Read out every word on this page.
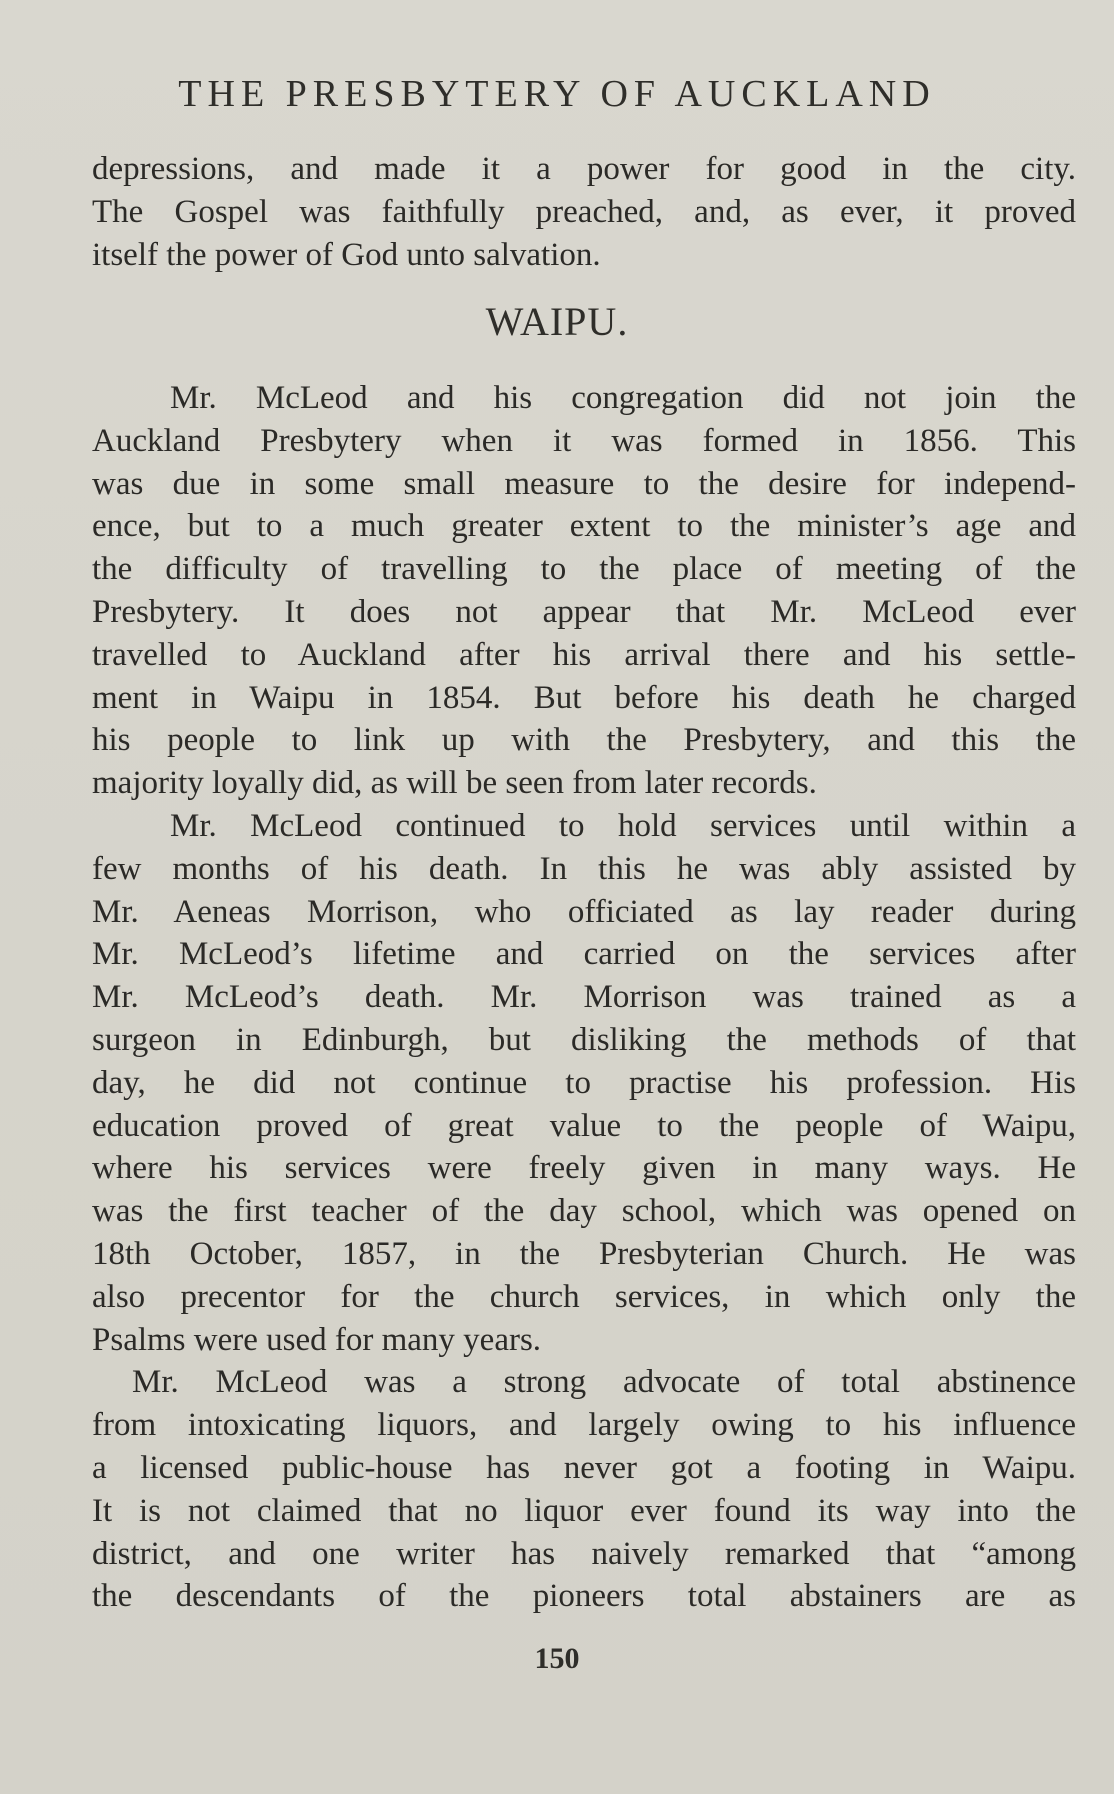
THE PRESBYTERY OF AUCKLAND
depressions, and made it a power for good in the city.
The Gospel was faithfully preached, and, as ever, it proved
itself the power of God unto salvation.
WAIPU.
Mr. McLeod and his congregation did not join the
Auckland Presbytery when it was formed in 1856. This
was due in some small measure to the desire for independ-
ence, but to a much greater extent to the minister’s age and
the difficulty of travelling to the place of meeting of the
Presbytery. It does not appear that Mr. McLeod ever
travelled to Auckland after his arrival there and his settle-
ment in Waipu in 1854. But before his death he charged
his people to link up with the Presbytery, and this the
majority loyally did, as will be seen from later records.
Mr. McLeod continued to hold services until within a
few months of his death. In this he was ably assisted by
Mr. Aeneas Morrison, who officiated as lay reader during
Mr. McLeod’s lifetime and carried on the services after
Mr. McLeod’s death. Mr. Morrison was trained as a
surgeon in Edinburgh, but disliking the methods of that
day, he did not continue to practise his profession. His
education proved of great value to the people of Waipu,
where his services were freely given in many ways. He
was the first teacher of the day school, which was opened on
18th October, 1857, in the Presbyterian Church. He was
also precentor for the church services, in which only the
Psalms were used for many years.
Mr. McLeod was a strong advocate of total abstinence
from intoxicating liquors, and largely owing to his influence
a licensed public-house has never got a footing in Waipu.
It is not claimed that no liquor ever found its way into the
district, and one writer has naively remarked that “among
the descendants of the pioneers total abstainers are as
150
